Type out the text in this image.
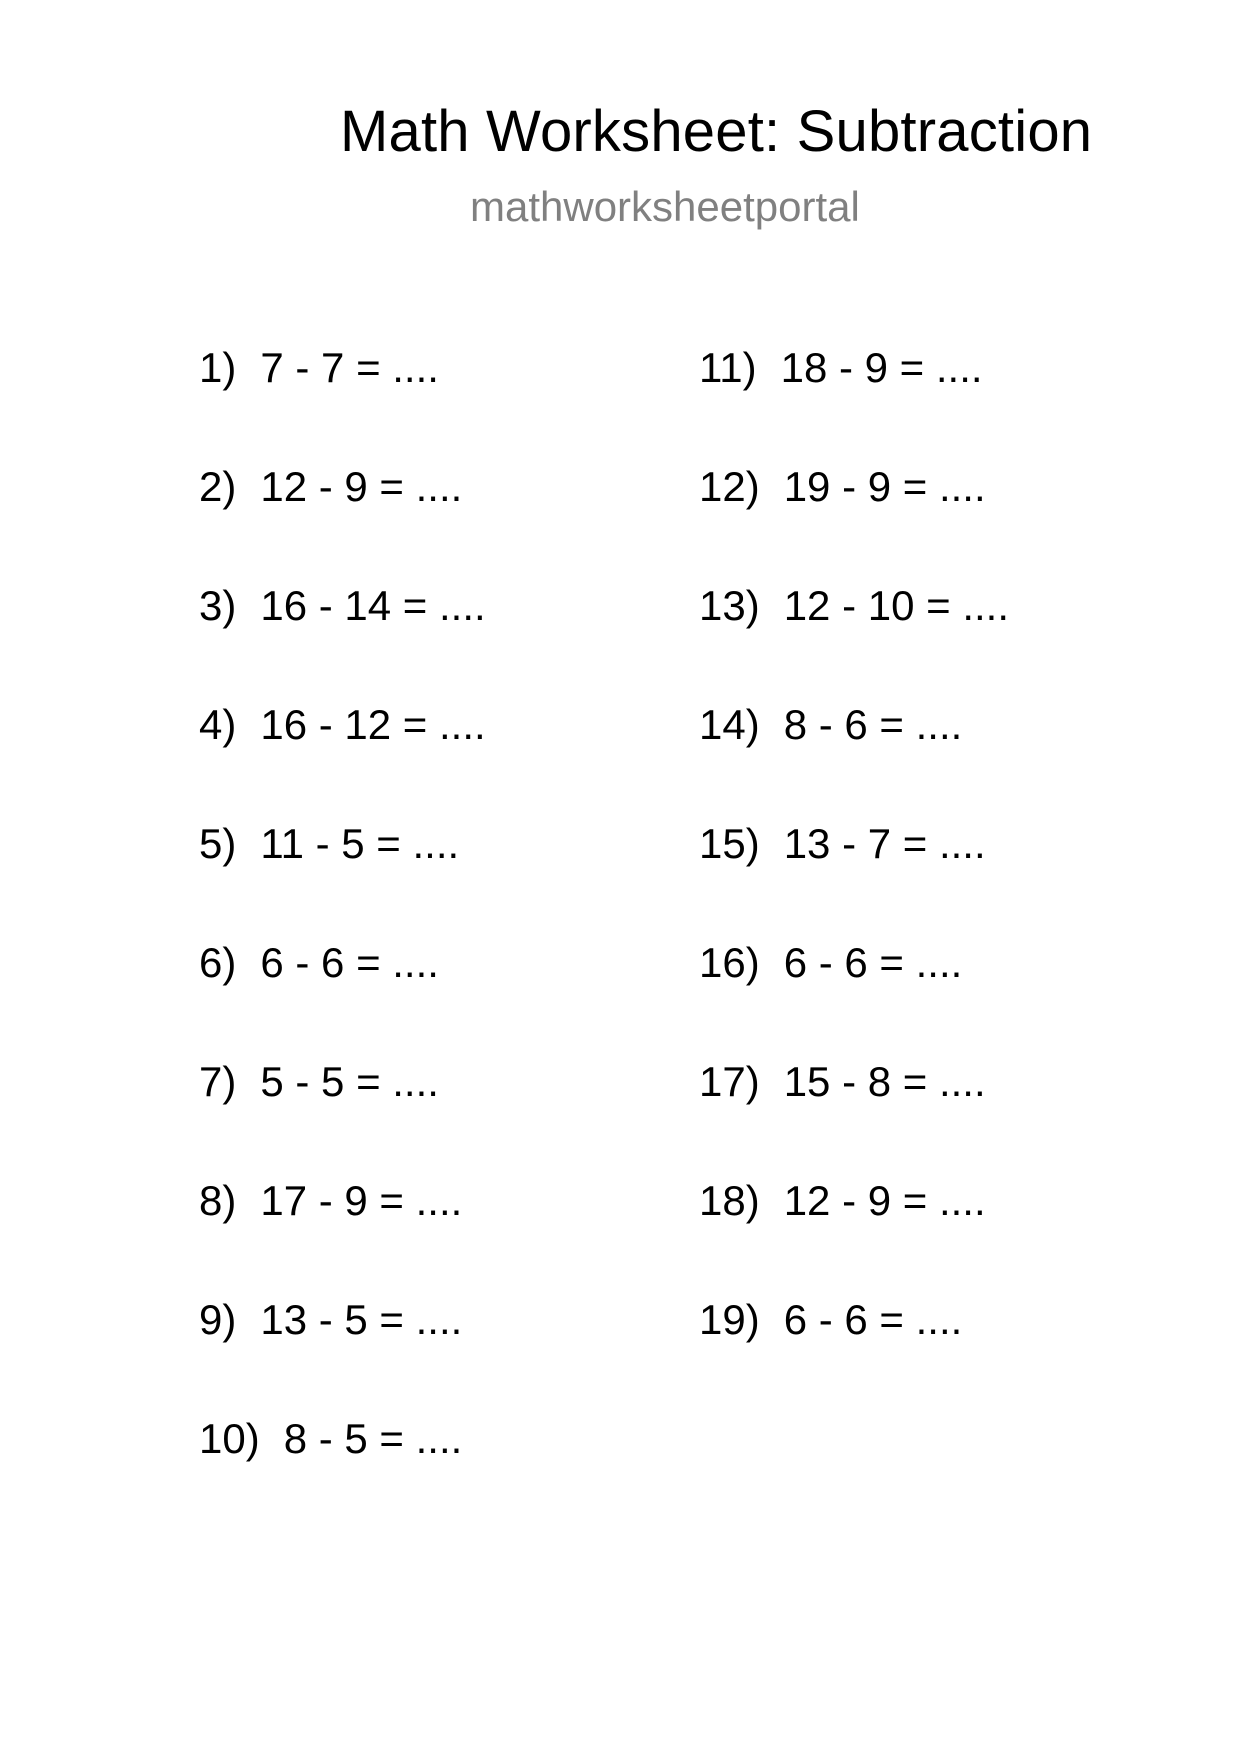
Math Worksheet: Subtraction
mathworksheetportal
1) 7 - 7 = ....
2) 12 - 9 = ....
3) 16 - 14 = ....
4) 16 - 12 = ....
5) 11 - 5 = ....
6) 6 - 6 = ....
7) 5 - 5 = ....
8) 17 - 9 = ....
9) 13 - 5 = ....
10) 8 - 5 = ....
11) 18 - 9 = ....
12) 19 - 9 = ....
13) 12 - 10 = ....
14) 8 - 6 = ....
15) 13 - 7 = ....
16) 6 - 6 = ....
17) 15 - 8 = ....
18) 12 - 9 = ....
19) 6 - 6 = ....
